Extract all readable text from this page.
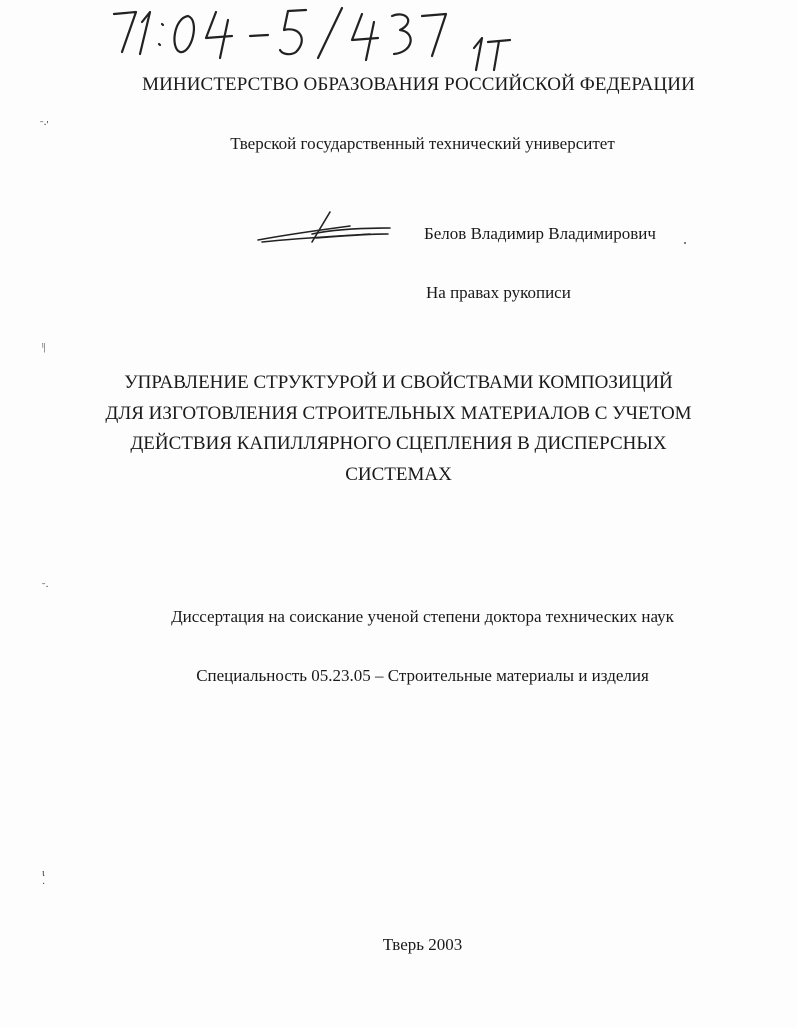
МИНИСТЕРСТВО ОБРАЗОВАНИЯ РОССИЙСКОЙ ФЕДЕРАЦИИ
ˉ·'
Тверской государственный технический университет
Белов Владимир Владимирович
На правах рукописи
ˡ|
УПРАВЛЕНИЕ СТРУКТУРОЙ И СВОЙСТВАМИ КОМПОЗИЦИЙ
ДЛЯ ИЗГОТОВЛЕНИЯ СТРОИТЕЛЬНЫХ МАТЕРИАЛОВ С УЧЕТОМ
ДЕЙСТВИЯ КАПИЛЛЯРНОГО СЦЕПЛЕНИЯ В ДИСПЕРСНЫХ
СИСТЕМАХ
ˉ·
Диссертация на соискание ученой степени доктора технических наук
Специальность 05.23.05 – Строительные материалы и изделия
ɩ
·
Тверь 2003
